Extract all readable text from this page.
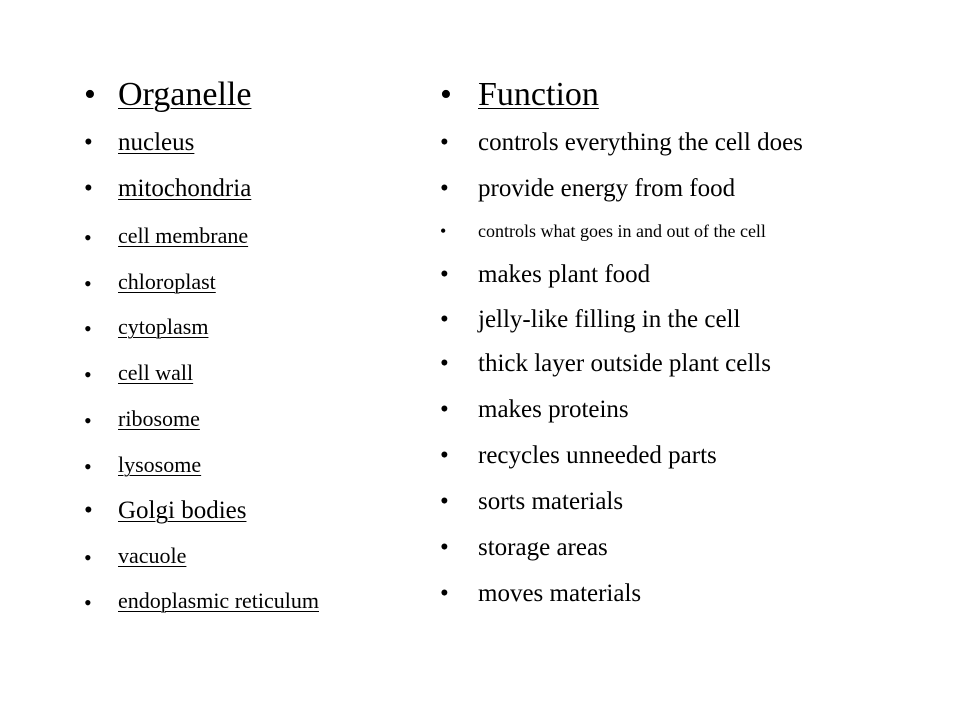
• Organelle
• nucleus
• mitochondria
• cell membrane
• chloroplast
• cytoplasm
• cell wall
• ribosome
• lysosome
• Golgi bodies
• vacuole
• endoplasmic reticulum
• Function
• controls everything the cell does
• provide energy from food
• controls what goes in and out of the cell
• makes plant food
• jelly-like filling in the cell
• thick layer outside plant cells
• makes proteins
• recycles unneeded parts
• sorts materials
• storage areas
• moves materials
